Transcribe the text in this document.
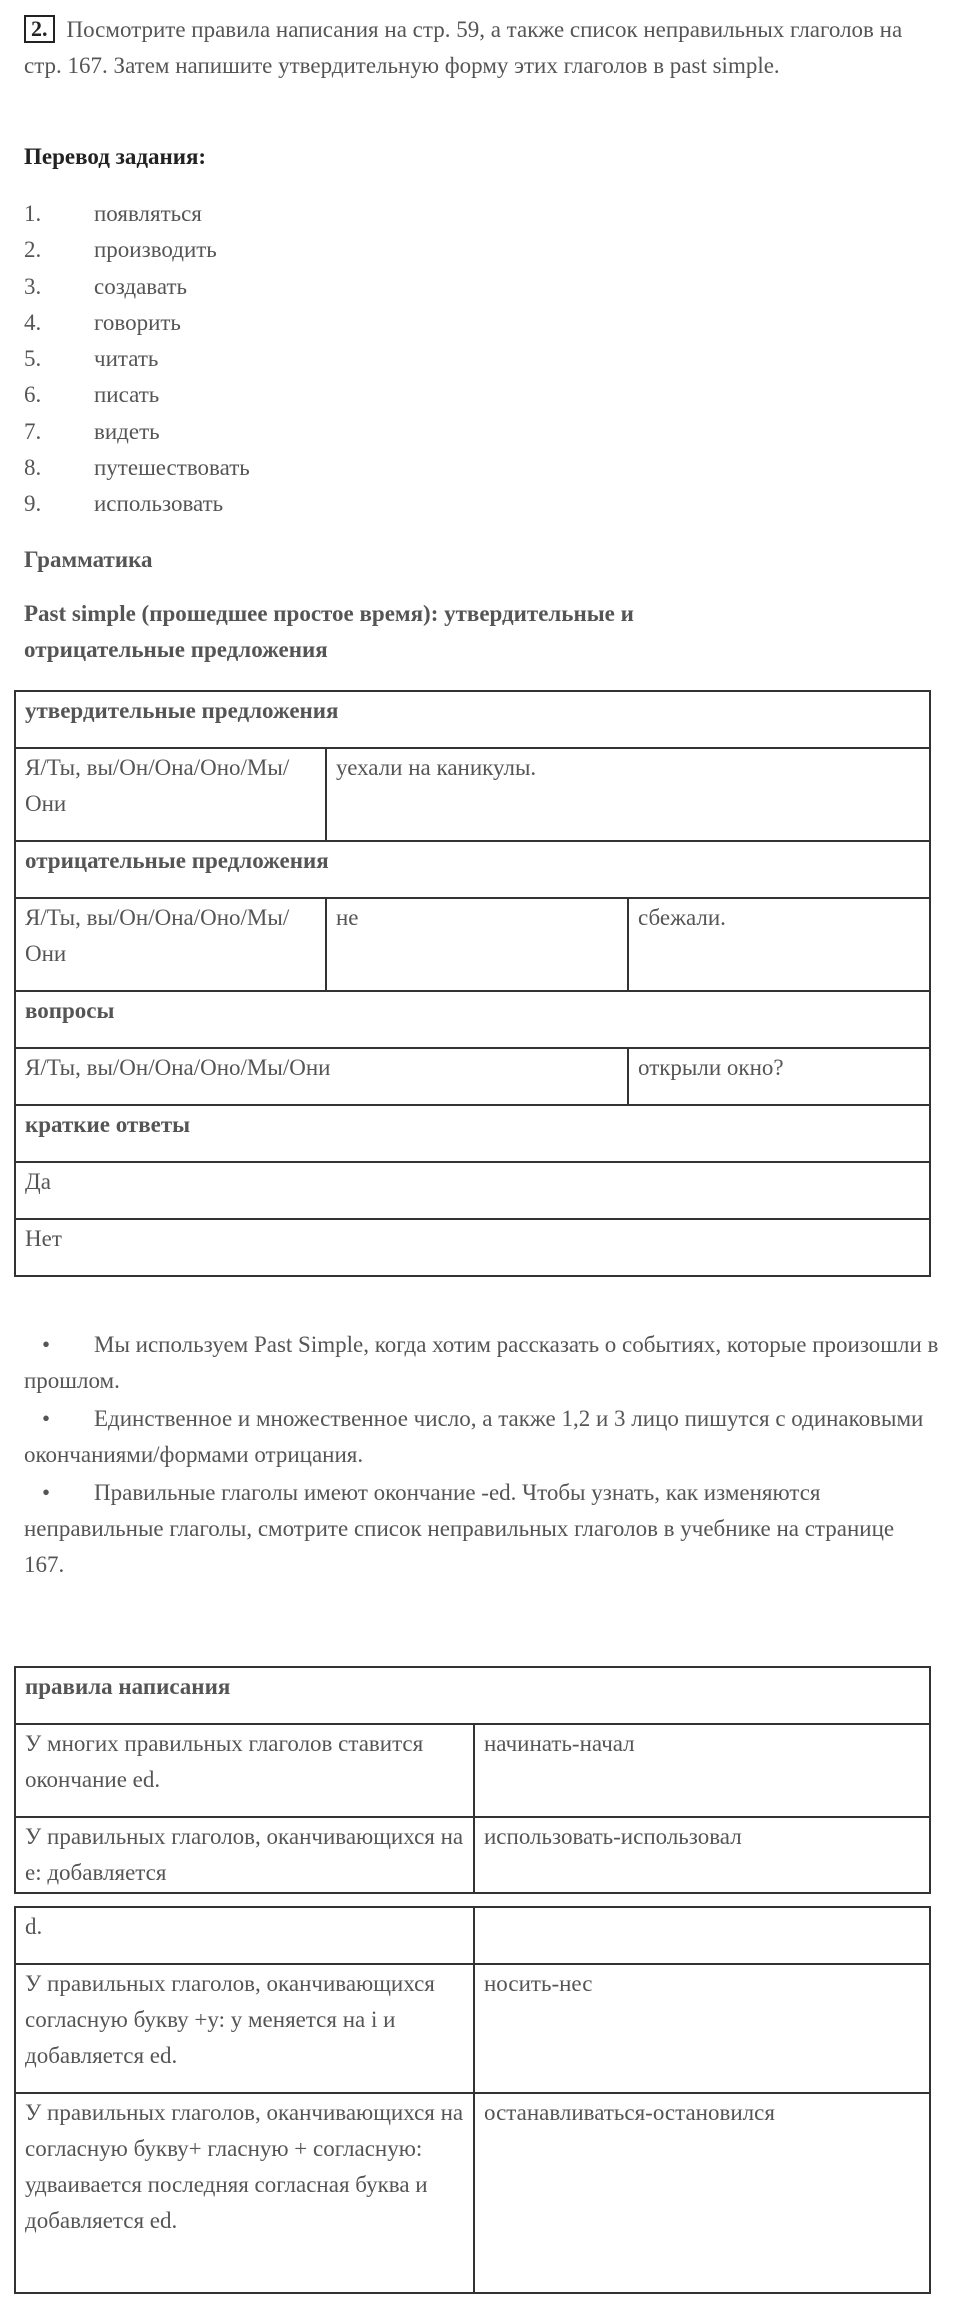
2. Посмотрите правила написания на стр. 59, а также список неправильных глаголов на стр. 167. Затем напишите утвердительную форму этих глаголов в past simple.
Перевод задания:
1.	появляться
2.	производить
3.	создавать
4.	говорить
5.	читать
6.	писать
7.	видеть
8.	путешествовать
9.	использовать
Грамматика
Past simple (прошедшее простое время): утвердительные и отрицательные предложения
утвердительные предложения		
Я/Ты, вы/Он/Она/Оно/Мы/Они	уехали на каникулы.	
отрицательные предложения		
Я/Ты, вы/Он/Она/Оно/Мы/Они	не	сбежали.
вопросы		
Я/Ты, вы/Он/Она/Оно/Мы/Они		открыли окно?
краткие ответы		
Да		
Нет		

• Мы используем Past Simple, когда хотим рассказать о событиях, которые произошли в прошлом.

• Единственное и множественное число, а также 1,2 и 3 лицо пишутся с одинаковыми окончаниями/формами отрицания.

• Правильные глаголы имеют окончание -ed. Чтобы узнать, как изменяются неправильные глаголы, смотрите список неправильных глаголов в учебнике на странице 167.

правила написания	
У многих правильных глаголов ставится окончание ed.	начинать-начал
У правильных глаголов, оканчивающихся на е: добавляется	использовать-использовал
d.	
У правильных глаголов, оканчивающихся согласную букву +у: у меняется на i и добавляется ed.	носить-нес
У правильных глаголов, оканчивающихся на согласную букву+ гласную + согласную: удваивается последняя согласная буква и добавляется ed.	останавливаться-остановился
